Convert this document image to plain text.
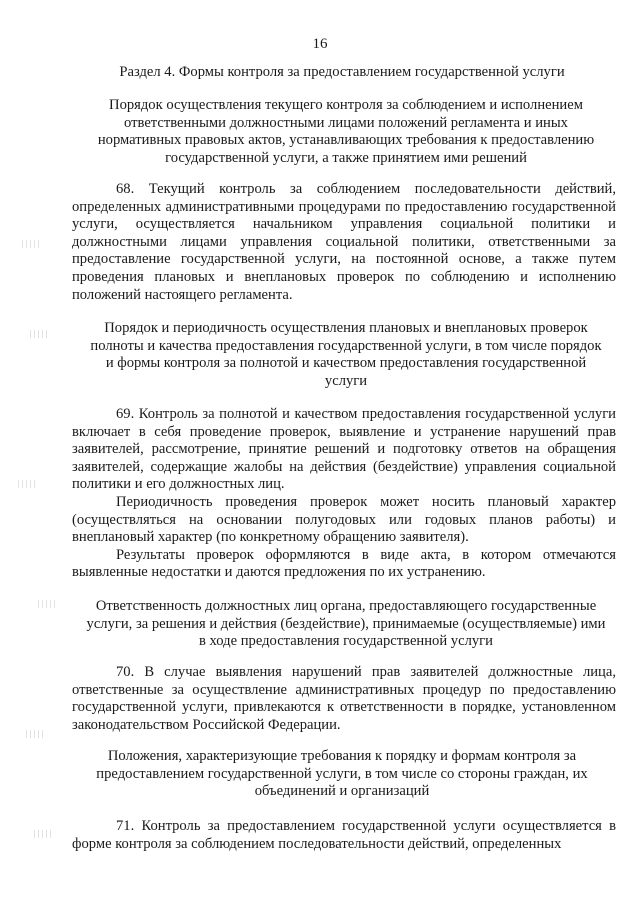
16
Раздел 4. Формы контроля за предоставлением государственной услуги
Порядок осуществления текущего контроля за соблюдением и исполнением ответственными должностными лицами положений регламента и иных нормативных правовых актов, устанавливающих требования к предоставлению государственной услуги, а также принятием ими решений
68. Текущий контроль за соблюдением последовательности действий, определенных административными процедурами по предоставлению государственной услуги, осуществляется начальником управления социальной политики и должностными лицами управления социальной политики, ответственными за предоставление государственной услуги, на постоянной основе, а также путем проведения плановых и внеплановых проверок по соблюдению и исполнению положений настоящего регламента.
Порядок и периодичность осуществления плановых и внеплановых проверок полноты и качества предоставления государственной услуги, в том числе порядок и формы контроля за полнотой и качеством предоставления государственной услуги

69. Контроль за полнотой и качеством предоставления государственной услуги включает в себя проведение проверок, выявление и устранение нарушений прав заявителей, рассмотрение, принятие решений и подготовку ответов на обращения заявителей, содержащие жалобы на действия (бездействие) управления социальной политики и его должностных лиц.

Периодичность проведения проверок может носить плановый характер (осуществляться на основании полугодовых или годовых планов работы) и внеплановый характер (по конкретному обращению заявителя).

Результаты проверок оформляются в виде акта, в котором отмечаются выявленные недостатки и даются предложения по их устранению.

Ответственность должностных лиц органа, предоставляющего государственные услуги, за решения и действия (бездействие), принимаемые (осуществляемые) ими в ходе предоставления государственной услуги
70. В случае выявления нарушений прав заявителей должностные лица, ответственные за осуществление административных процедур по предоставлению государственной услуги, привлекаются к ответственности в порядке, установленном законодательством Российской Федерации.
Положения, характеризующие требования к порядку и формам контроля за предоставлением государственной услуги, в том числе со стороны граждан, их объединений и организаций
71. Контроль за предоставлением государственной услуги осуществляется в форме контроля за соблюдением последовательности действий, определенных
